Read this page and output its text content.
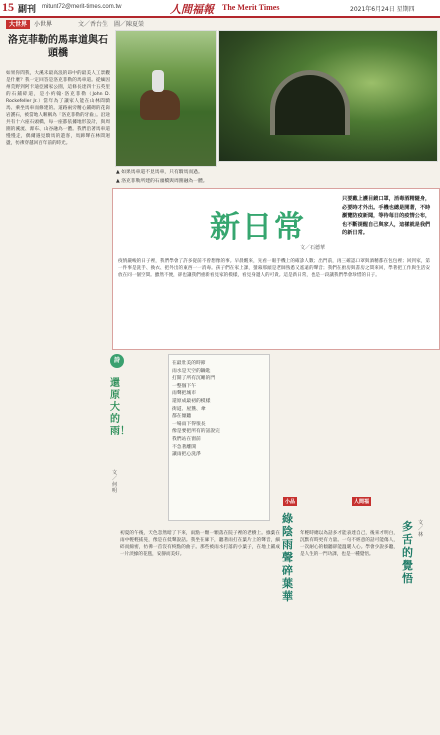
15 副刊 mitunt72@merit-times.com.tw	人間福報 The Merit Times	2021年6月24日 星期四
大世界	小世界	文／香台生　圖／陳夏榮
洛克菲勒的馬車道與石頭橋
如果你問我，大溪未最高浪的昂中的最美人工景觀是什麼？我一定回答是洛克菲勒的馬車道。從緬因州荒野到阿卡迪亞國家公園，這條長達四十五英里的石鋪碎道，是小約翰·洛克菲勒（John D. Rockefeller Jr.）當年為了讓家人能在山林間騎馬、乘坐馬車而修建的。道路兩旁精心鋪砌的花崗岩護石，被當地人暱稱為「洛克菲勒的牙齒」。沿途共有十六座石頭橋，每一座都依據地形設計，與周圍的溪流、瀑布、山谷融為一體。我們沿著馬車道慢慢走，偶爾遇見騎馬的遊客，馬蹄聲在林間迴盪，彷彿穿越回百年前的時光。
▲ 如果馬車道不見馬車，只有騎馬而過。
▲ 洛克菲勒所建的石頭橋與周圍融為一體。
新日常
文／石德華
只要戴上護目鏡口罩，消毒酒精隨身，必要時才外出。手機也總是開著，不時瀏覽防疫新聞，等待每日的疫情公布，也不斷提醒自己與家人，這樣就是我們的新日常。
疫情嚴峻的日子裡，我們學會了許多從前不曾想像的事。早晨醒來，先看一眼手機上的確診人數；出門前，再三確認口罩與酒精都在包包裡；回到家，第一件事是洗手、換衣、把外出的東西一一消毒。孩子們在家上課，螢幕那頭是老師熟悉又遙遠的聲音；我們在廚房與書房之間來回，學著把工作與生活安放在同一個空間。雖然不便，卻也讓我們重新看見家的模樣，看見身邊人的可貴。這是新日常，也是一段讓我們學會珍惜的日子。
詩
還原大的雨！
文／何明
在最壯美的時節
雨水是天空的鑰匙
打開了所有沉睡的門
一整個下午
雨聲把城市
還原成最初的模樣
街道、屋簷、傘
都在傾聽
一場雨下得很長
像是要把所有的話說完
我們站在窗前
不急著離開
讓雨把心洗淨
小品
綠陰雨聲碎葉華
初夏的午後，天色忽然暗了下來，雨點一顆一顆落在院子裡的老樹上。綠葉在雨中輕輕搖晃，像是在低聲說話。我坐在廊下，聽著雨打在葉片上的聲音，細碎而綿密，彷彿一首沒有終點的曲子。那些被雨水打落的小葉子，在地上鋪成一片淡綠的花毯，安靜而美好。
人間福
多舌的覺悟
文／林
年輕時總以為話多才能表達自己，後來才明白，沉默有時更有力量。一句不經意的話可能傷人，一次耐心的傾聽卻能溫暖人心。學會少說多聽，是人生的一門功課，也是一種覺悟。
